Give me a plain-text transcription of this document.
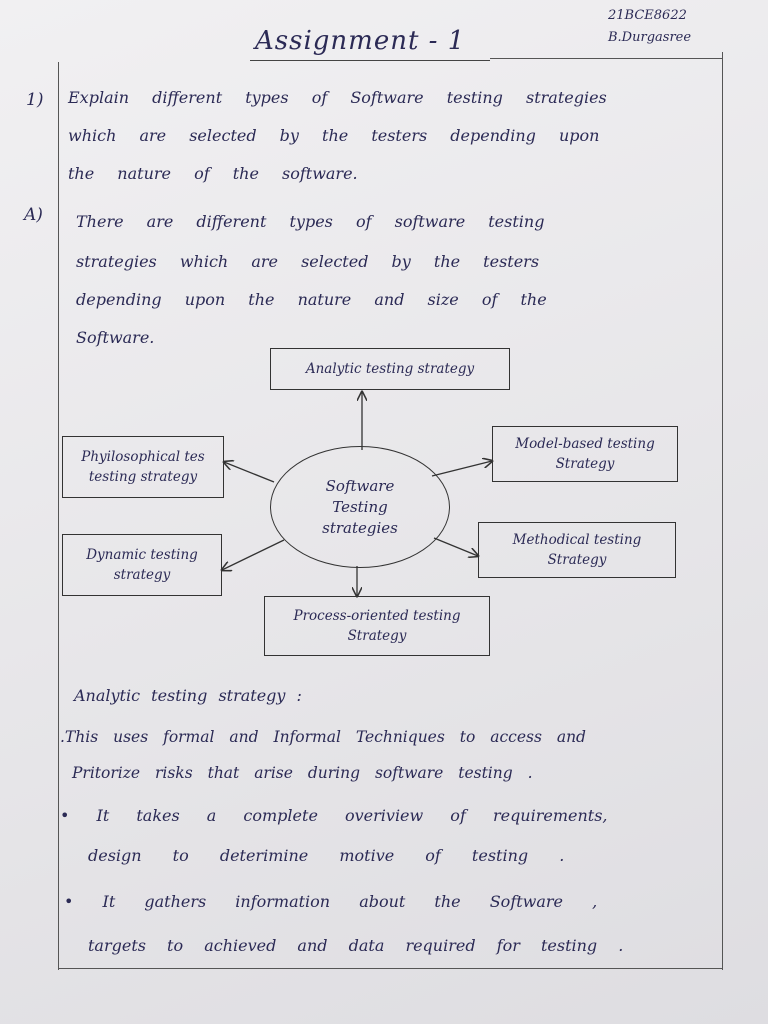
Assignment - 1
21BCE8622
B.Durgasree
1) Explain different types of Software testing strategies
which are selected by the testers depending upon
the nature of the software.
A) There are different types of software testing
strategies which are selected by the testers
depending upon the nature and size of the
Software.
Analytic testing strategy
Model-based testing
Strategy
Methodical testing
Strategy
Process-oriented testing
Strategy
Dynamic testing
strategy
Phyilosophical tes
testing strategy	Software
Testing
strategies
Analytic testing strategy :
.This uses formal and Informal Techniques to access and
Pritorize risks that arise during software testing .
• It takes a complete overiview of requirements,
design to deterimine motive of testing .
• It gathers information about the Software ,
targets to achieved and data required for testing .
